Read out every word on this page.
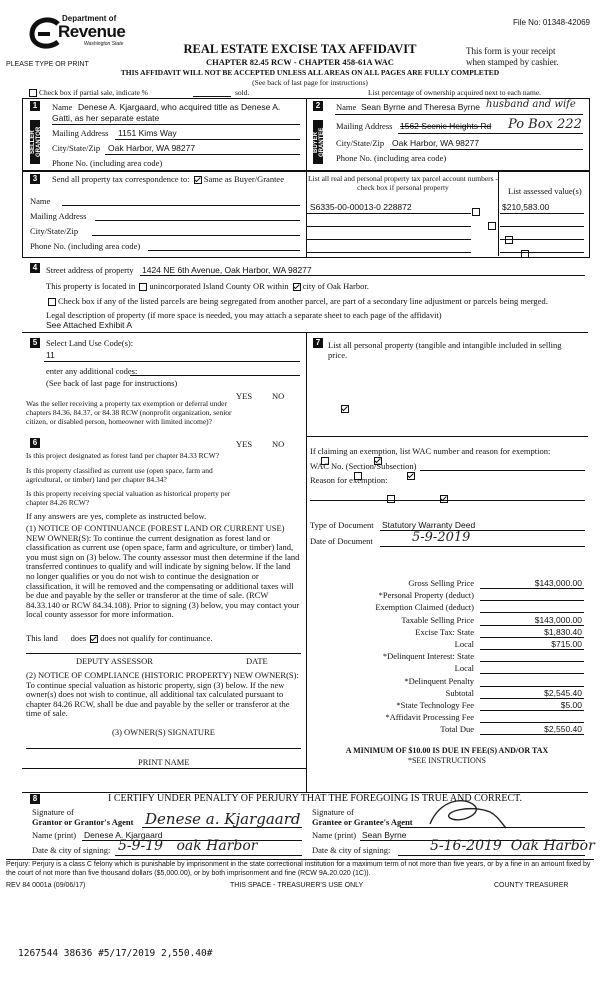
File No: 01348-42069
Department of
Revenue
Washington State
PLEASE TYPE OR PRINT
REAL ESTATE EXCISE TAX AFFIDAVIT
CHAPTER 82.45 RCW - CHAPTER 458-61A WAC
This form is your receipt
when stamped by cashier.
THIS AFFIDAVIT WILL NOT BE ACCEPTED UNLESS ALL AREAS ON ALL PAGES ARE FULLY COMPLETED
(See back of last page for instructions)
Check box if partial sale, indicate %	sold.	List percentage of ownership acquired next to each name.
1
SELLER GRANTOR
2
BUYER GRANTEE
Name Denese A. Kjargaard, who acquired title as Denese A.
Gatti, as her separate estate
Mailing Address 1151 Kims Way
City/State/Zip Oak Harbor, WA 98277
Phone No. (including area code)
Name Sean Byrne and Theresa Byrne husband and wife
Mailing Address 1562 Scenic Heights Rd Po Box 222
City/State/Zip Oak Harbor, WA 98277
Phone No. (including area code)
3	Send all property tax correspondence to: Same as Buyer/Grantee
Name
Mailing Address
City/State/Zip
Phone No. (including area code)
List all real and personal property tax parcel account numbers - check box if personal property	List assessed value(s)
S6335-00-00013-0 228872
	$210,583.00

4	Street address of property 1424 NE 6th Avenue, Oak Harbor, WA 98277
This property is located in unincorporated Island County OR within city of Oak Harbor.
Check box if any of the listed parcels are being segregated from another parcel, are part of a secondary line adjustment or parcels being merged.
Legal description of property (if more space is needed, you may attach a separate sheet to each page of the affidavit)
See Attached Exhibit A
5	Select Land Use Code(s):
11
enter any additional codes:
(See back of last page for instructions)
YES NO
Was the seller receiving a property tax exemption or deferral under chapters 84.36, 84.37, or 84.38 RCW (nonprofit organization, senior citizen, or disabled person, homeowner with limited income)?

7 List all personal property (tangible and intangible included in selling price.
6	YES NO
Is this project designated as forest land per chapter 84.33 RCW?

Is this property classified as current use (open space, farm and agricultural, or timber) land per chapter 84.34?

Is this property receiving special valuation as historical property per chapter 84.26 RCW?

If any answers are yes, complete as instructed below.
(1) NOTICE OF CONTINUANCE (FOREST LAND OR CURRENT USE) NEW OWNER(S): To continue the current designation as forest land or classification as current use (open space, farm and agriculture, or timber) land, you must sign on (3) below. The county assessor must then determine if the land transferred continues to qualify and will indicate by signing below. If the land no longer qualifies or you do not wish to continue the designation or classification, it will be removed and the compensating or additional taxes will be due and payable by the seller or transferor at the time of sale. (RCW 84.33.140 or RCW 84.34.108). Prior to signing (3) below, you may contact your local county assessor for more information.
This land does does not qualify for continuance.
DEPUTY ASSESSOR	DATE
(2) NOTICE OF COMPLIANCE (HISTORIC PROPERTY) NEW OWNER(S): To continue special valuation as historic property, sign (3) below. If the new owner(s) does not wish to continue, all additional tax calculated pursuant to chapter 84.26 RCW, shall be due and payable by the seller or transferor at the time of sale.
(3) OWNER(S) SIGNATURE
PRINT NAME
If claiming an exemption, list WAC number and reason for exemption:
WAC No. (Section/Subsection)
Reason for exemption:
Type of Document Statutory Warranty Deed
Date of Document	5-9-2019
Gross Selling Price	$143,000.00
*Personal Property (deduct)
Exemption Claimed (deduct)
Taxable Selling Price	$143,000.00
Excise Tax: State	$1,830.40
Local	$715.00
*Delinquent Interest: State
Local
*Delinquent Penalty
Subtotal	$2,545.40
*State Technology Fee	$5.00
*Affidavit Processing Fee
Total Due	$2,550.40
A MINIMUM OF $10.00 IS DUE IN FEE(S) AND/OR TAX
*SEE INSTRUCTIONS
8	I CERTIFY UNDER PENALTY OF PERJURY THAT THE FOREGOING IS TRUE AND CORRECT.
Signature of
Grantor or Grantor's Agent Denese a. Kjargaard
Name (print) Denese A. Kjargaard
Date & city of signing: 5-9-19   oak Harbor
Signature of
Grantee or Grantee's Agent
Name (print) Sean Byrne
Date & city of signing:	5-16-2019  Oak Harbor
Perjury: Perjury is a class C felony which is punishable by imprisonment in the state correctional institution for a maximum term of not more than five years, or by a fine in an amount fixed by the court of not more than five thousand dollars ($5,000.00), or by both imprisonment and fine (RCW 9A.20.020 (1C)).
REV 84 0001a (09/06/17)	THIS SPACE - TREASURER'S USE ONLY	COUNTY TREASURER
1267544 38636 #5/17/2019 2,550.40#
